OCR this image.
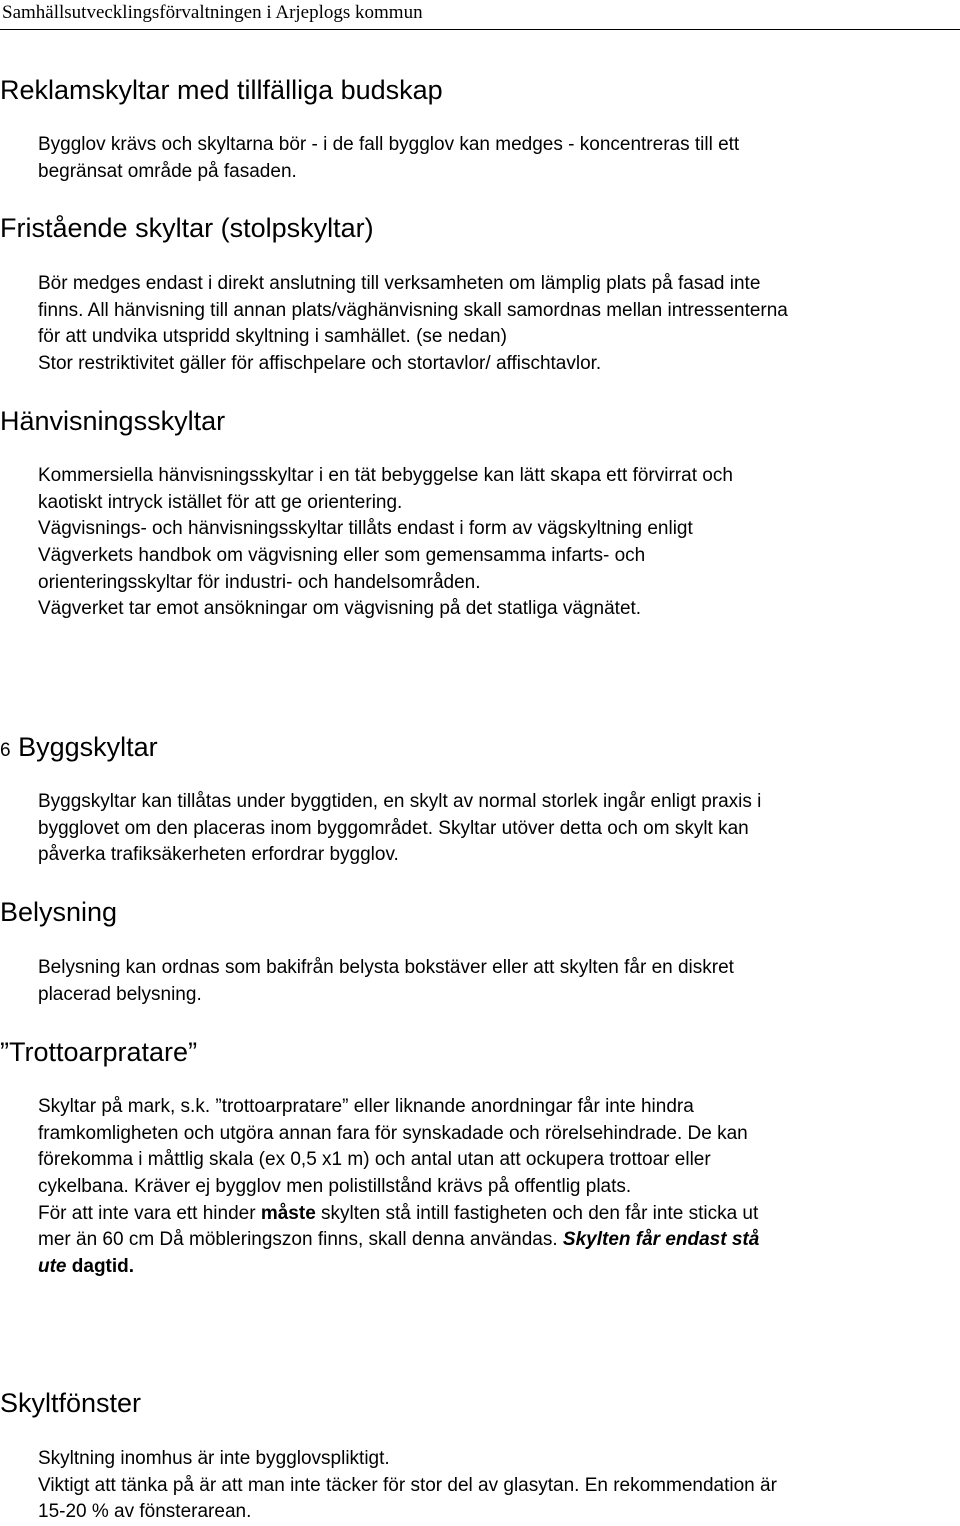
Samhällsutvecklingsförvaltningen i Arjeplogs kommun
Reklamskyltar med tillfälliga budskap
Bygglov krävs och skyltarna bör - i de fall bygglov kan medges - koncentreras till ett
begränsat område på fasaden.
Fristående skyltar (stolpskyltar)
Bör medges endast i direkt anslutning till verksamheten om lämplig plats på fasad inte
finns. All hänvisning till annan plats/väghänvisning skall samordnas mellan intressenterna
för att undvika utspridd skyltning i samhället. (se nedan)
Stor restriktivitet gäller för affischpelare och stortavlor/ affischtavlor.
Hänvisningsskyltar
Kommersiella hänvisningsskyltar i en tät bebyggelse kan lätt skapa ett förvirrat och
kaotiskt intryck istället för att ge orientering.
Vägvisnings- och hänvisningsskyltar tillåts endast i form av vägskyltning enligt
Vägverkets handbok om vägvisning eller som gemensamma infarts- och
orienteringsskyltar för industri- och handelsområden.
Vägverket tar emot ansökningar om vägvisning på det statliga vägnätet.
6 Byggskyltar
Byggskyltar kan tillåtas under byggtiden, en skylt av normal storlek ingår enligt praxis i
bygglovet om den placeras inom byggområdet. Skyltar utöver detta och om skylt kan
påverka trafiksäkerheten erfordrar bygglov.
Belysning
Belysning kan ordnas som bakifrån belysta bokstäver eller att skylten får en diskret
placerad belysning.
”Trottoarpratare”
Skyltar på mark, s.k. ”trottoarpratare” eller liknande anordningar får inte hindra
framkomligheten och utgöra annan fara för synskadade och rörelsehindrade. De kan
förekomma i måttlig skala (ex 0,5 x1 m) och antal utan att ockupera trottoar eller
cykelbana. Kräver ej bygglov men polistillstånd krävs på offentlig plats.
För att inte vara ett hinder måste skylten stå intill fastigheten och den får inte sticka ut
mer än 60 cm Då möbleringszon finns, skall denna användas. Skylten får endast stå
ute dagtid.
Skyltfönster
Skyltning inomhus är inte bygglovspliktigt.
Viktigt att tänka på är att man inte täcker för stor del av glasytan. En rekommendation är
15-20 % av fönsterarean.
